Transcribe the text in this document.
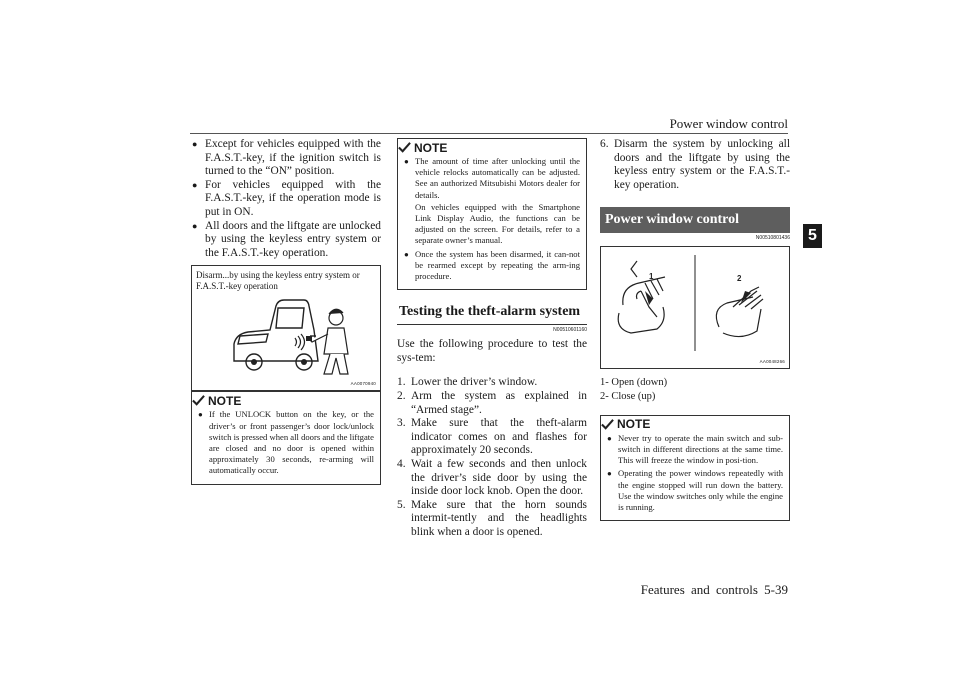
Power window control
5
● Except for vehicles equipped with the F.A.S.T.-key, if the ignition switch is turned to the “ON” position.
● For vehicles equipped with the F.A.S.T.-key, if the operation mode is put in ON.
● All doors and the liftgate are unlocked by using the keyless entry system or the F.A.S.T.-key operation.
Disarm...by using the keyless entry system or F.A.S.T.-key operation
AA0070940
NOTE
● If the UNLOCK button on the key, or the driver’s or front passenger’s door lock/unlock switch is pressed when all doors and the liftgate are closed and no door is opened within approximately 30 seconds, re-arming will automatically occur.
NOTE
● The amount of time after unlocking until the vehicle relocks automatically can be adjusted. See an authorized Mitsubishi Motors dealer for details.
On vehicles equipped with the Smartphone Link Display Audio, the functions can be adjusted on the screen. For details, refer to a separate owner’s manual.
● Once the system has been disarmed, it can-not be rearmed except by repeating the arm-ing procedure.
Testing the theft-alarm system
N00510601160
Use the following procedure to test the sys-tem:
1. Lower the driver’s window.
2. Arm the system as explained in “Armed stage”.
3. Make sure that the theft-alarm indicator comes on and flashes for approximately 20 seconds.
4. Wait a few seconds and then unlock the driver’s side door by using the inside door lock knob. Open the door.
5. Make sure that the horn sounds intermit-tently and the headlights blink when a door is opened.
6. Disarm the system by unlocking all doors and the liftgate by using the keyless entry system or the F.A.S.T.-key operation.
Power window control
N00510801436
1	2
AA0048266
1- Open (down)
2- Close (up)
NOTE
● Never try to operate the main switch and sub-switch in different directions at the same time. This will freeze the window in posi-tion.
● Operating the power windows repeatedly with the engine stopped will run down the battery. Use the window switches only while the engine is running.
Features and controls 5-39
